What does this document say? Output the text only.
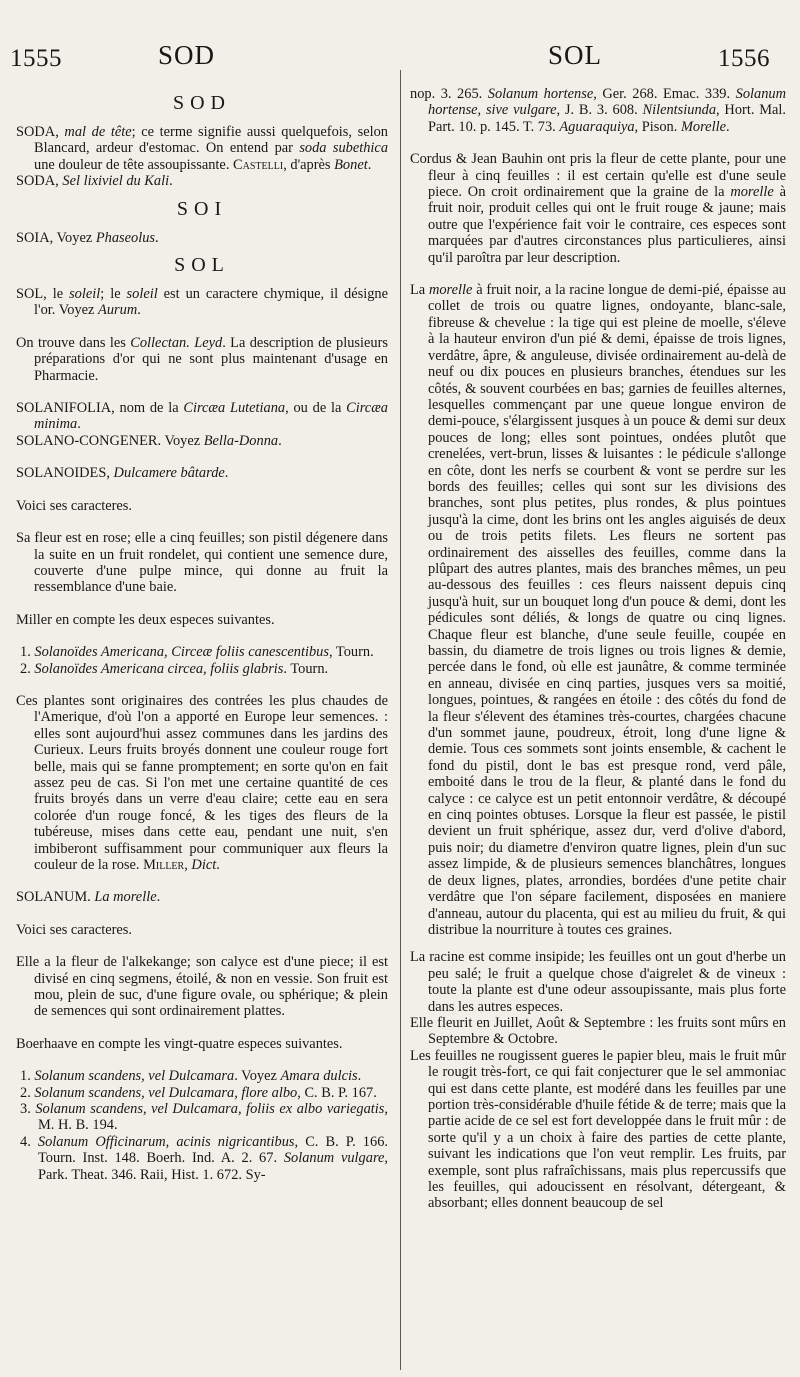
1555	SOD	SOL	1556

SOD

SODA, mal de tête; ce terme signifie aussi quelquefois, selon Blancard, ardeur d'estomac. On entend par soda subethica une douleur de tête assoupissante. Castelli, d'après Bonet.

SODA, Sel lixiviel du Kali.

SOI

SOIA, Voyez Phaseolus.

SOL

SOL, le soleil; le soleil est un caractere chymique, il désigne l'or. Voyez Aurum.

On trouve dans les Collectan. Leyd. La description de plusieurs préparations d'or qui ne sont plus maintenant d'usage en Pharmacie.

SOLANIFOLIA, nom de la Circæa Lutetiana, ou de la Circæa minima.

SOLANO-CONGENER. Voyez Bella-Donna.

SOLANOIDES, Dulcamere bâtarde.

Voici ses caracteres.

Sa fleur est en rose; elle a cinq feuilles; son pistil dégenere dans la suite en un fruit rondelet, qui contient une semence dure, couverte d'une pulpe mince, qui donne au fruit la ressemblance d'une baie.

Miller en compte les deux especes suivantes.

1. Solanoïdes Americana, Circeæ foliis canescentibus, Tourn.

2. Solanoïdes Americana circea, foliis glabris. Tourn.

Ces plantes sont originaires des contrées les plus chaudes de l'Amerique, d'où l'on a apporté en Europe leur semences. : elles sont aujourd'hui assez communes dans les jardins des Curieux. Leurs fruits broyés donnent une couleur rouge fort belle, mais qui se fanne promptement; en sorte qu'on en fait assez peu de cas. Si l'on met une certaine quantité de ces fruits broyés dans un verre d'eau claire; cette eau en sera colorée d'un rouge foncé, & les tiges des fleurs de la tubéreuse, mises dans cette eau, pendant une nuit, s'en imbiberont suffisamment pour communiquer aux fleurs la couleur de la rose. Miller, Dict.

SOLANUM. La morelle.

Voici ses caracteres.

Elle a la fleur de l'alkekange; son calyce est d'une piece; il est divisé en cinq segmens, étoilé, & non en vessie. Son fruit est mou, plein de suc, d'une figure ovale, ou sphérique; & plein de semences qui sont ordinairement plattes.

Boerhaave en compte les vingt-quatre especes suivantes.

1. Solanum scandens, vel Dulcamara. Voyez Amara dulcis.

2. Solanum scandens, vel Dulcamara, flore albo, C. B. P. 167.

3. Solanum scandens, vel Dulcamara, foliis ex albo variegatis, M. H. B. 194.

4. Solanum Officinarum, acinis nigricantibus, C. B. P. 166. Tourn. Inst. 148. Boerh. Ind. A. 2. 67. Solanum vulgare, Park. Theat. 346. Raii, Hist. 1. 672. Sy-

nop. 3. 265. Solanum hortense, Ger. 268. Emac. 339. Solanum hortense, sive vulgare, J. B. 3. 608. Nilentsiunda, Hort. Mal. Part. 10. p. 145. T. 73. Aguaraquiya, Pison. Morelle.

Cordus & Jean Bauhin ont pris la fleur de cette plante, pour une fleur à cinq feuilles : il est certain qu'elle est d'une seule piece. On croit ordinairement que la graine de la morelle à fruit noir, produit celles qui ont le fruit rouge & jaune; mais outre que l'expérience fait voir le contraire, ces especes sont marquées par d'autres circonstances plus particulieres, ainsi qu'il paroîtra par leur description.

La morelle à fruit noir, a la racine longue de demi-pié, épaisse au collet de trois ou quatre lignes, ondoyante, blanc-sale, fibreuse & chevelue : la tige qui est pleine de moelle, s'éleve à la hauteur environ d'un pié & demi, épaisse de trois lignes, verdâtre, âpre, & anguleuse, divisée ordinairement au-delà de neuf ou dix pouces en plusieurs branches, étendues sur les côtés, & souvent courbées en bas; garnies de feuilles alternes, lesquelles commençant par une queue longue environ de demi-pouce, s'élargissent jusques à un pouce & demi sur deux pouces de long; elles sont pointues, ondées plutôt que crenelées, vert-brun, lisses & luisantes : le pédicule s'allonge en côte, dont les nerfs se courbent & vont se perdre sur les bords des feuilles; celles qui sont sur les divisions des branches, sont plus petites, plus rondes, & plus pointues jusqu'à la cime, dont les brins ont les angles aiguisés de deux ou de trois petits filets. Les fleurs ne sortent pas ordinairement des aisselles des feuilles, comme dans la plûpart des autres plantes, mais des branches mêmes, un peu au-dessous des feuilles : ces fleurs naissent depuis cinq jusqu'à huit, sur un bouquet long d'un pouce & demi, dont les pédicules sont déliés, & longs de quatre ou cinq lignes. Chaque fleur est blanche, d'une seule feuille, coupée en bassin, du diametre de trois lignes ou trois lignes & demie, percée dans le fond, où elle est jaunâtre, & comme terminée en anneau, divisée en cinq parties, jusques vers sa moitié, longues, pointues, & rangées en étoile : des côtés du fond de la fleur s'élevent des étamines très-courtes, chargées chacune d'un sommet jaune, poudreux, étroit, long d'une ligne & demie. Tous ces sommets sont joints ensemble, & cachent le fond du pistil, dont le bas est presque rond, verd pâle, emboité dans le trou de la fleur, & planté dans le fond du calyce : ce calyce est un petit entonnoir verdâtre, & découpé en cinq pointes obtuses. Lorsque la fleur est passée, le pistil devient un fruit sphérique, assez dur, verd d'olive d'abord, puis noir; du diametre d'environ quatre lignes, plein d'un suc assez limpide, & de plusieurs semences blanchâtres, longues de deux lignes, plates, arrondies, bordées d'une petite chair verdâtre que l'on sépare facilement, disposées en maniere d'anneau, autour du placenta, qui est au milieu du fruit, & qui distribue la nourriture à toutes ces graines.

La racine est comme insipide; les feuilles ont un gout d'herbe un peu salé; le fruit a quelque chose d'aigrelet & de vineux : toute la plante est d'une odeur assoupissante, mais plus forte dans les autres especes.

Elle fleurit en Juillet, Août & Septembre : les fruits sont mûrs en Septembre & Octobre.

Les feuilles ne rougissent gueres le papier bleu, mais le fruit mûr le rougit très-fort, ce qui fait conjecturer que le sel ammoniac qui est dans cette plante, est modéré dans les feuilles par une portion très-considérable d'huile fétide & de terre; mais que la partie acide de ce sel est fort developpée dans le fruit mûr : de sorte qu'il y a un choix à faire des parties de cette plante, suivant les indications que l'on veut remplir. Les fruits, par exemple, sont plus rafraîchissans, mais plus repercussifs que les feuilles, qui adoucissent en résolvant, détergeant, & absorbant; elles donnent beaucoup de sel
